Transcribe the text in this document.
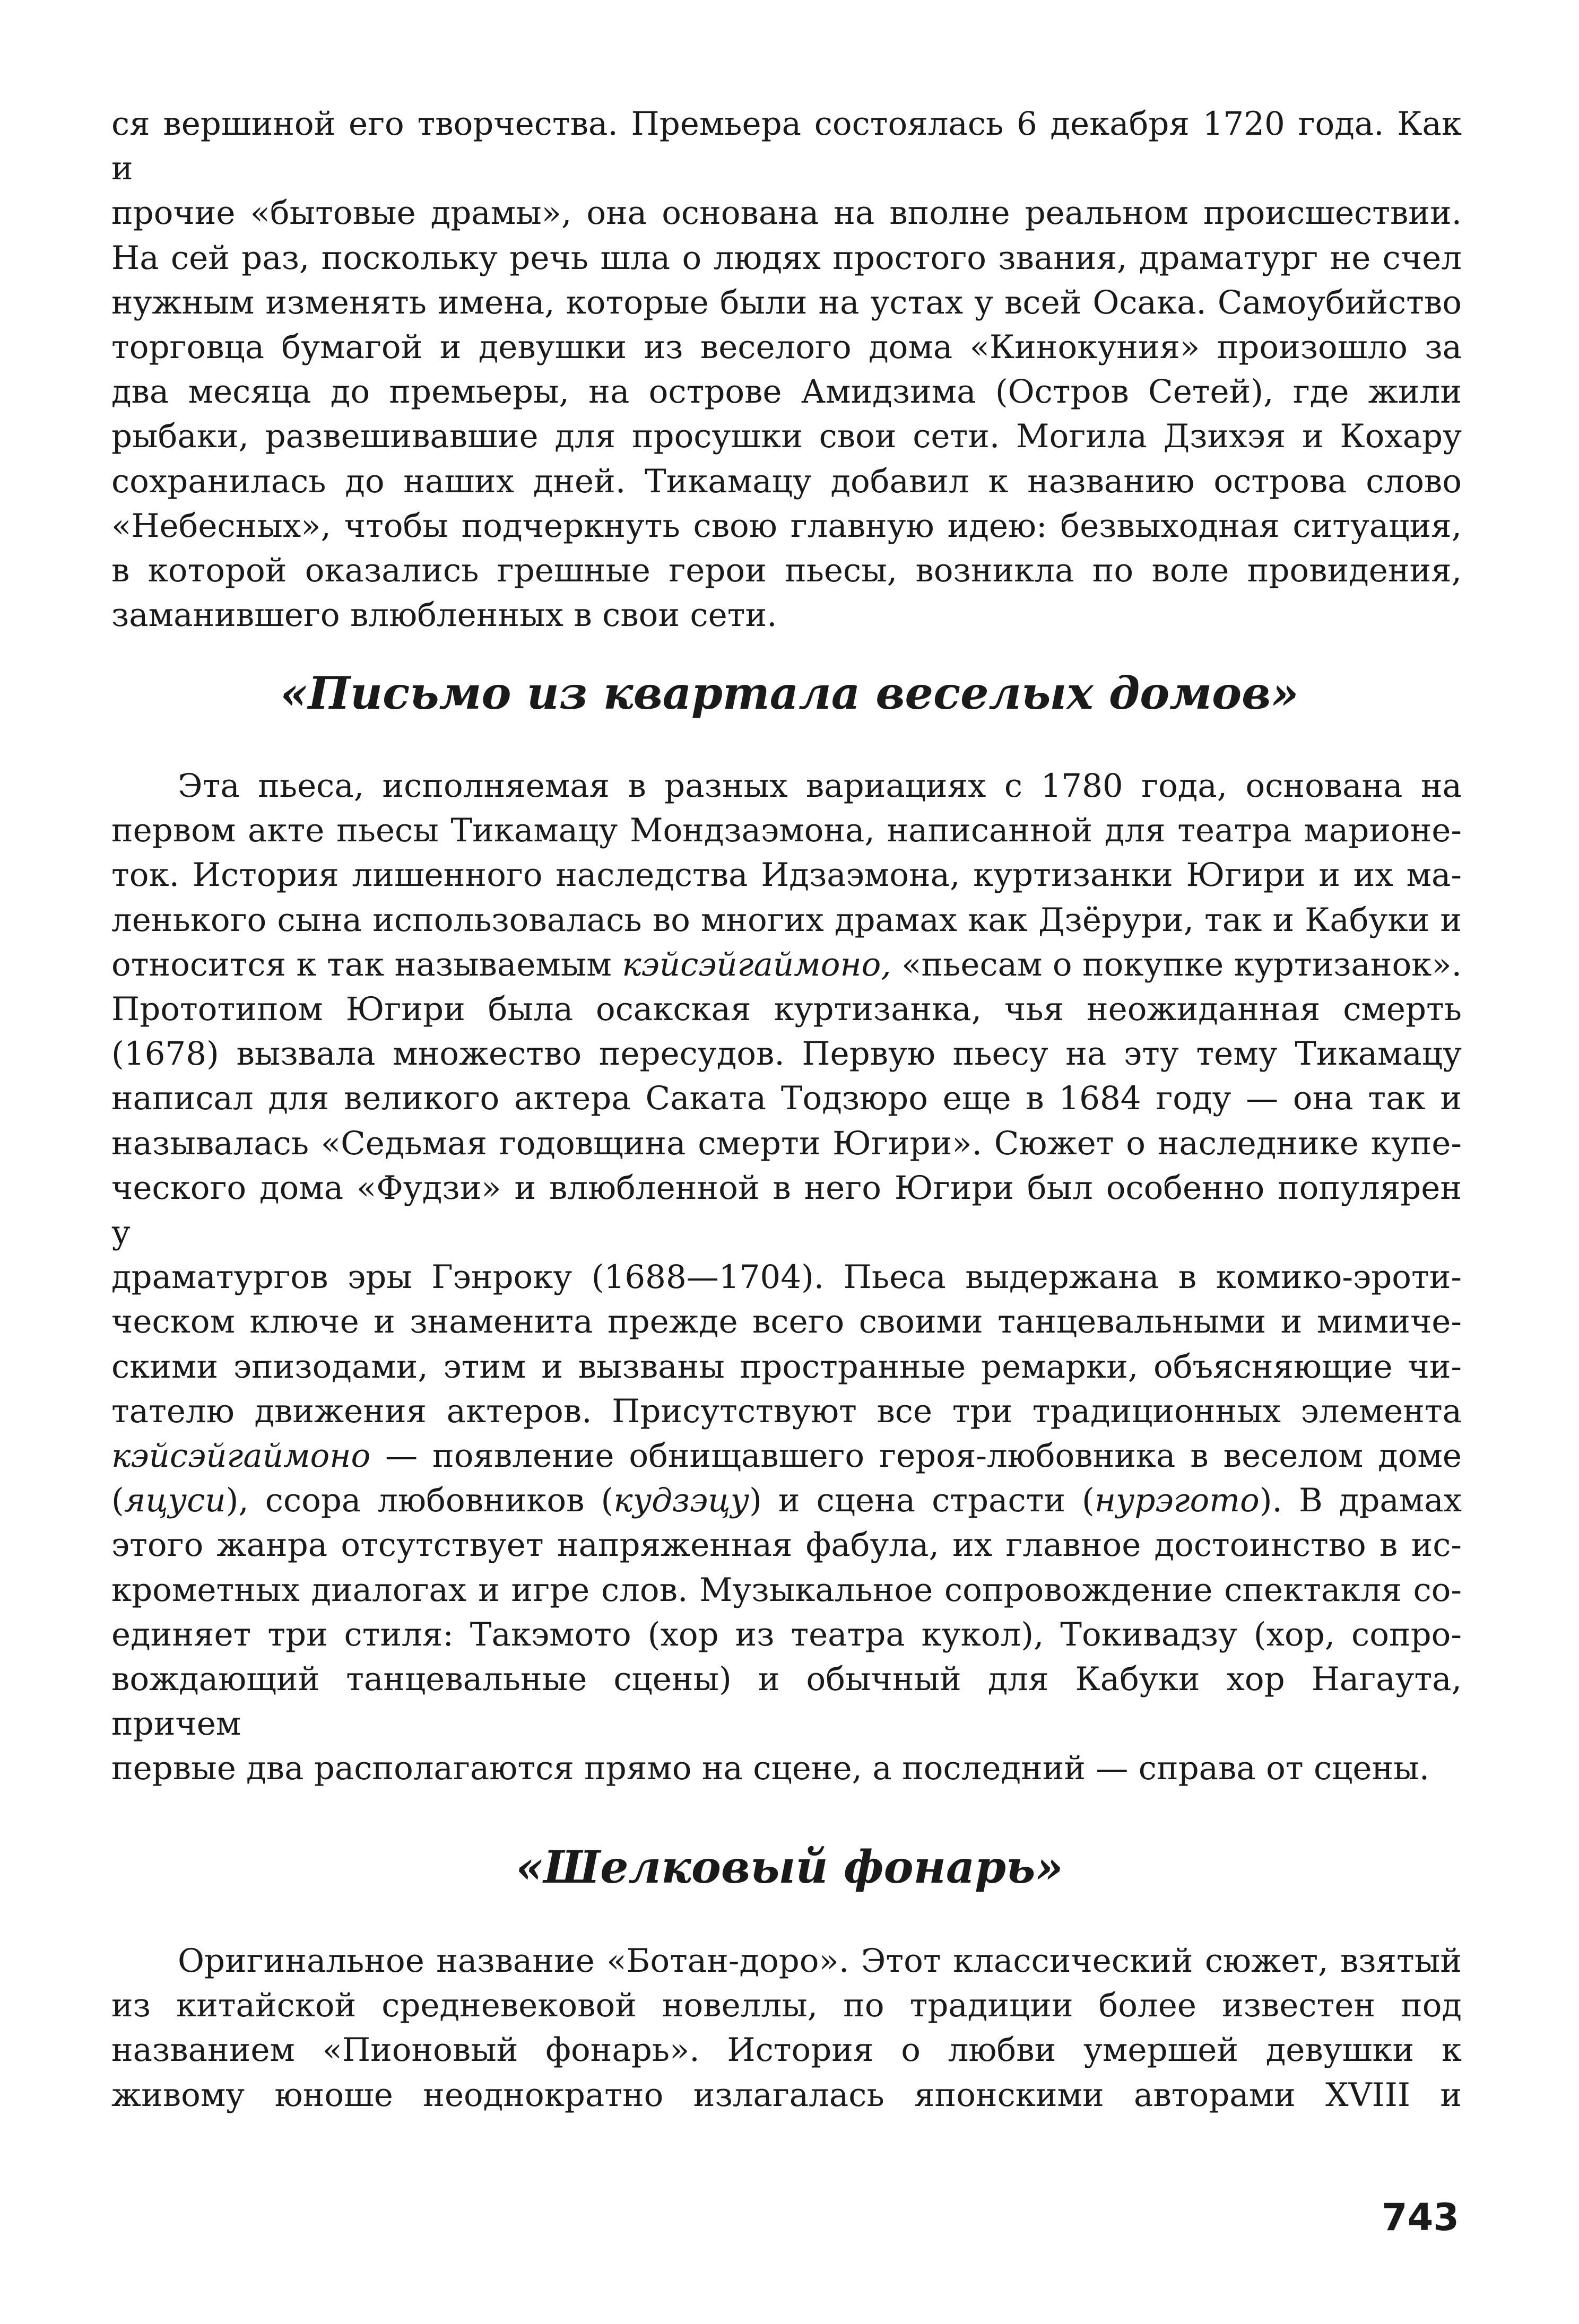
ся вершиной его творчества. Премьера состоялась 6 декабря 1720 года. Как и

прочие «бытовые драмы», она основана на вполне реальном происшествии.

На сей раз, поскольку речь шла о людях простого звания, драматург не счел

нужным изменять имена, которые были на устах у всей Осака. Самоубийство

торговца бумагой и девушки из веселого дома «Кинокуния» произошло за

два месяца до премьеры, на острове Амидзима (Остров Сетей), где жили

рыбаки, развешивавшие для просушки свои сети. Могила Дзихэя и Кохару

сохранилась до наших дней. Тикамацу добавил к названию острова слово

«Небесных», чтобы подчеркнуть свою главную идею: безвыходная ситуация,

в которой оказались грешные герои пьесы, возникла по воле провидения,

заманившего влюбленных в свои сети.

«Письмо из квартала веселых домов»

Эта пьеса, исполняемая в разных вариациях с 1780 года, основана на

первом акте пьесы Тикамацу Мондзаэмона, написанной для театра марионе-

ток. История лишенного наследства Идзаэмона, куртизанки Югири и их ма-

ленького сына использовалась во многих драмах как Дзёрури, так и Кабуки и

относится к так называемым кэйсэйгаймоно, «пьесам о покупке куртизанок».

Прототипом Югири была осакская куртизанка, чья неожиданная смерть

(1678) вызвала множество пересудов. Первую пьесу на эту тему Тикамацу

написал для великого актера Саката Тодзюро еще в 1684 году — она так и

называлась «Седьмая годовщина смерти Югири». Сюжет о наследнике купе-

ческого дома «Фудзи» и влюбленной в него Югири был особенно популярен у

драматургов эры Гэнроку (1688—1704). Пьеса выдержана в комико-эроти-

ческом ключе и знаменита прежде всего своими танцевальными и мимиче-

скими эпизодами, этим и вызваны пространные ремарки, объясняющие чи-

тателю движения актеров. Присутствуют все три традиционных элемента

кэйсэйгаймоно — появление обнищавшего героя-любовника в веселом доме

(яцуси), ссора любовников (кудзэцу) и сцена страсти (нурэгото). В драмах

этого жанра отсутствует напряженная фабула, их главное достоинство в ис-

крометных диалогах и игре слов. Музыкальное сопровождение спектакля со-

единяет три стиля: Такэмото (хор из театра кукол), Токивадзу (хор, сопро-

вождающий танцевальные сцены) и обычный для Кабуки хор Нагаута, причем

первые два располагаются прямо на сцене, а последний — справа от сцены.

«Шелковый фонарь»

Оригинальное название «Ботан-доро». Этот классический сюжет, взятый

из китайской средневековой новеллы, по традиции более известен под

названием «Пионовый фонарь». История о любви умершей девушки к

живому юноше неоднократно излагалась японскими авторами XVIII и

743
